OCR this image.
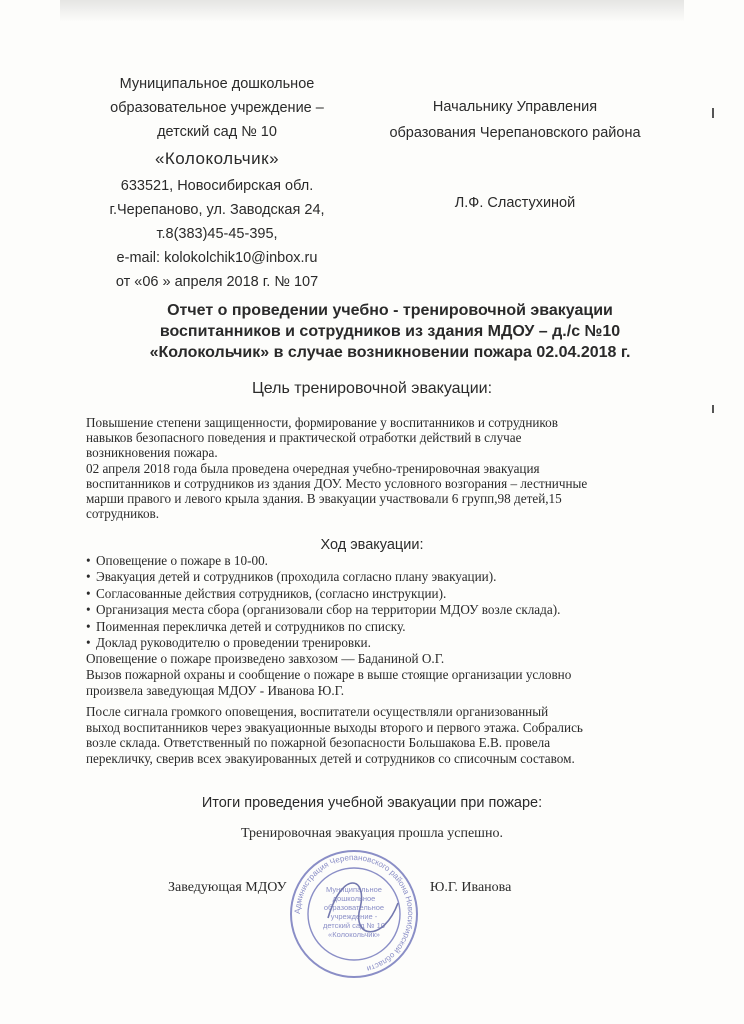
Муниципальное дошкольное
образовательное учреждение –
детский сад № 10
«Колокольчик»
633521, Новосибирская обл.
г.Черепаново, ул. Заводская 24,
т.8(383)45-45-395,
e-mail: kolokolchik10@inbox.ru
от «06 » апреля 2018 г. № 107
Начальнику Управления
образования Черепановского района
Л.Ф. Сластухиной
Отчет о проведении учебно - тренировочной эвакуации
воспитанников и сотрудников из здания МДОУ – д./с №10
«Колокольчик» в случае возникновении пожара 02.04.2018 г.
Цель тренировочной эвакуации:

Повышение степени защищенности, формирование у воспитанников и сотрудников

навыков безопасного поведения и практической отработки действий в случае

возникновения пожара.

02 апреля 2018 года была проведена очередная учебно-тренировочная эвакуация

воспитанников и сотрудников из здания ДОУ. Место условного возгорания – лестничные

марши правого и левого крыла здания. В эвакуации участвовали 6 групп,98 детей,15

сотрудников.

Ход эвакуации:
• Оповещение о пожаре в 10-00.
• Эвакуация детей и сотрудников (проходила согласно плану эвакуации).
• Согласованные действия сотрудников, (согласно инструкции).
• Организация места сбора (организовали сбор на территории МДОУ возле склада).
• Поименная перекличка детей и сотрудников по списку.
• Доклад руководителю о проведении тренировки.

Оповещение о пожаре произведено завхозом — Баданиной О.Г.

Вызов пожарной охраны и сообщение о пожаре в выше стоящие организации условно

произвела заведующая МДОУ - Иванова Ю.Г.

После сигнала громкого оповещения, воспитатели осуществляли организованный

выход воспитанников через эвакуационные выходы второго и первого этажа. Собрались

возле склада. Ответственный по пожарной безопасности Большакова Е.В. провела

перекличку, сверив всех эвакуированных детей и сотрудников со списочным составом.

Итоги проведения учебной эвакуации при пожаре:
Тренировочная эвакуация прошла успешно.
Заведующая МДОУ	Ю.Г. Иванова
Администрация Черепановского района Новосибирской области
Муниципальное
дошкольное
образовательное
учреждение -
детский сад № 10
«Колокольчик»
